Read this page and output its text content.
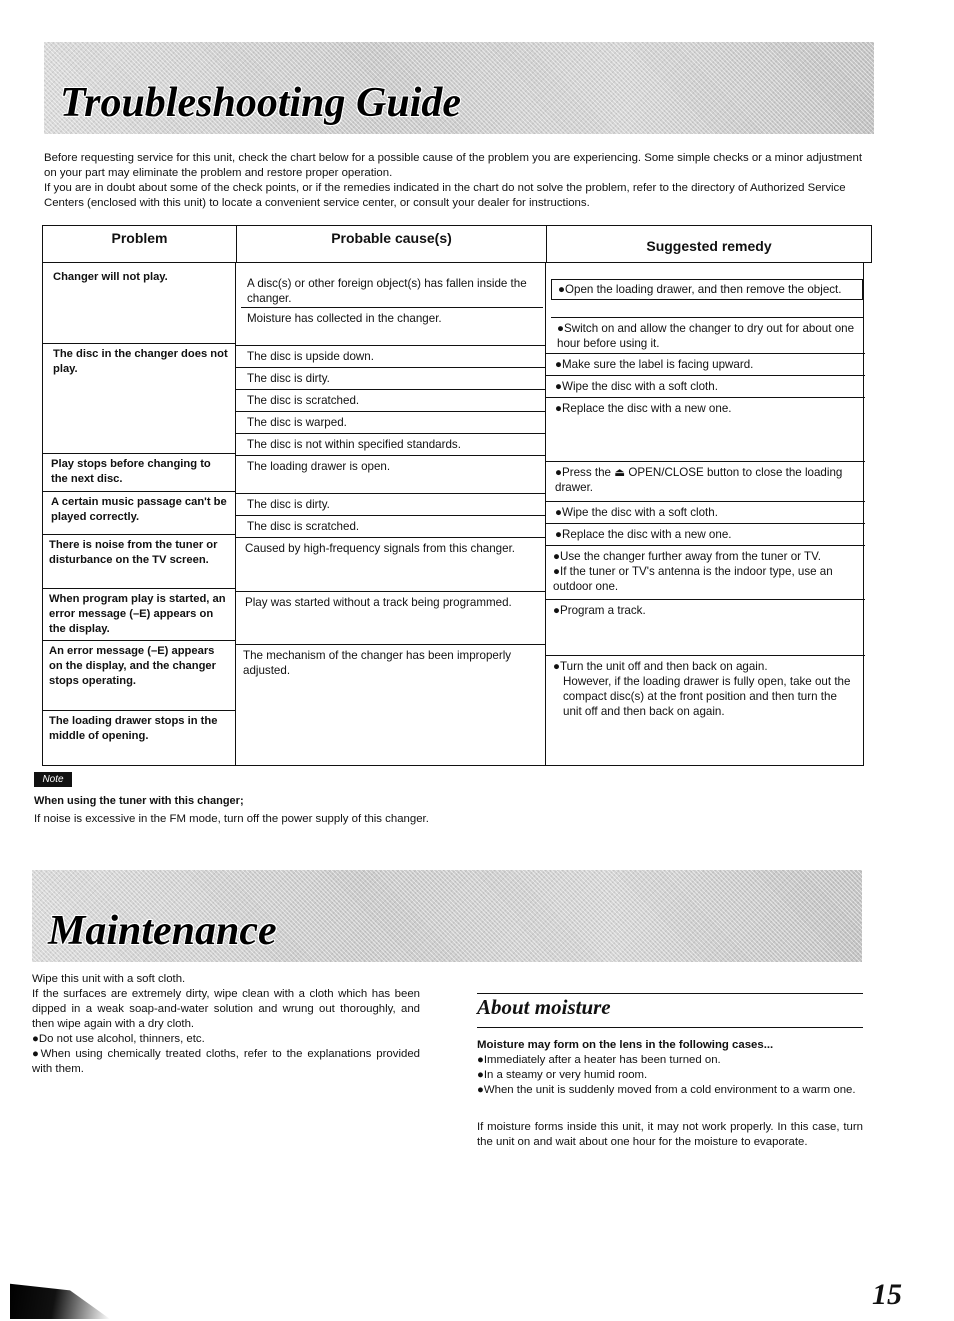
Troubleshooting Guide

Before requesting service for this unit, check the chart below for a possible cause of the problem you are experiencing. Some simple checks or a minor adjustment on your part may eliminate the problem and restore proper operation.

If you are in doubt about some of the check points, or if the remedies indicated in the chart do not solve the problem, refer to the directory of Authorized Service Centers (enclosed with this unit) to locate a convenient service center, or consult your dealer for instructions.

Problem	Probable cause(s)	Suggested remedy
Changer will not play.
The disc in the changer does not play.
Play stops before changing to the next disc.
A certain music passage can't be played correctly.
There is noise from the tuner or disturbance on the TV screen.
When program play is started, an error message (–E) appears on the display.
An error message (–E) appears on the display, and the changer stops operating.
The loading drawer stops in the middle of opening.
A disc(s) or other foreign object(s) has fallen inside the changer.
Moisture has collected in the changer.
The disc is upside down.
The disc is dirty.
The disc is scratched.
The disc is warped.
The disc is not within specified standards.
The loading drawer is open.
The disc is dirty.
The disc is scratched.
Caused by high-frequency signals from this changer.
Play was started without a track being programmed.
The mechanism of the changer has been improperly adjusted.
●Open the loading drawer, and then remove the object.
●Switch on and allow the changer to dry out for about one hour before using it.
●Make sure the label is facing upward.
●Wipe the disc with a soft cloth.
●Replace the disc with a new one.
●Press the ⏏ OPEN/CLOSE button to close the loading drawer.
●Wipe the disc with a soft cloth.
●Replace the disc with a new one.
●Use the changer further away from the tuner or TV.
●If the tuner or TV's antenna is the indoor type, use an outdoor one.
●Program a track.
●Turn the unit off and then back on again.
However, if the loading drawer is fully open, take out the compact disc(s) at the front position and then turn the unit off and then back on again.
Note
When using the tuner with this changer;
If noise is excessive in the FM mode, turn off the power supply of this changer.
Maintenance

Wipe this unit with a soft cloth.

If the surfaces are extremely dirty, wipe clean with a cloth which has been dipped in a weak soap-and-water solution and wrung out thoroughly, and then wipe again with a dry cloth.

●Do not use alcohol, thinners, etc.

●When using chemically treated cloths, refer to the explanations provided with them.

About moisture

Moisture may form on the lens in the following cases...

●Immediately after a heater has been turned on.

●In a steamy or very humid room.

●When the unit is suddenly moved from a cold environment to a warm one.

If moisture forms inside this unit, it may not work properly. In this case, turn the unit on and wait about one hour for the moisture to evaporate.

15
